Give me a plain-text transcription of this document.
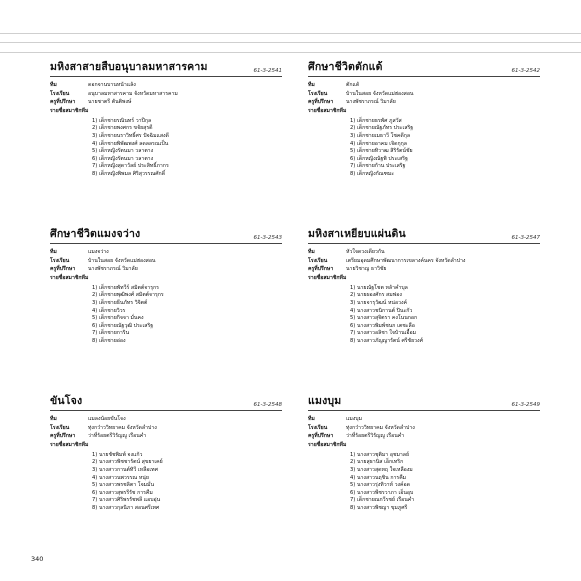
มหิงสาสายสืบอนุบาลมหาสารคาม	61-3-2541
ทีม	ดอกจานบานหน้าแล้ง
โรงเรียน	อนุบาลมหาสารคาม จังหวัดมหาสารคาม
ครูที่ปรึกษา	นายชาตรี ตันติพงษ์
รายชื่อสมาชิกทีม
1) เด็กชายรณินทร์ วาปีกุล
2) เด็กชายพงศกร ขจัยสุรดี
3) เด็กชายนราวิทธิ์ศร ปัจฉิมแสงดี
4) เด็กชายพิพัฒพงศ์ ลดลลรณเป็น
5) เด็กหญิงรัตนมา วลาตาง
6) เด็กหญิงรัตนมา วลาตาง
7) เด็กหญิงสุดาวัลย์ ประสิทธิ์ภากร
8) เด็กหญิงพิพมล ศิริสุวรรณศักดิ์
ศึกษาชีวิตตักแด้	61-3-2542
ทีม	ตักแด้
โรงเรียน	บ้านในสอย จังหวัดแม่ฮ่องสอน
ครูที่ปรึกษา	นางพัชราภรณ์ วิมาลัย
รายชื่อสมาชิกทีม
1) เด็กชายธรพัศ ภูสวัส
2) เด็กชายณัฐภัทร ประเสริฐ
3) เด็กชายเมธาวี โชคดีกุล
4) เด็กชายอาคม เจิดกุกุล
5) เด็กชายทิวาฒ สิริรัตน์ชัย
6) เด็กหญิงณัฐพิ ประเสริฐ
7) เด็กชายก้าน ประเสริฐ
8) เด็กหญิงกัณฑมะ
ศึกษาชีวิตแมงจว่าง	61-3-2543
ทีม	แมงจว่าง
โรงเรียน	บ้านในสอย จังหวัดแม่ฮ่องสอน
ครูที่ปรึกษา	นางพัชราภรณ์ วิมาลัย
รายชื่อสมาชิกทีม
1) เด็กชายพัทวีร์ สมิตต์จารุกร
2) เด็กชายพุฒิพงศ์ สมิตต์จารุกร
3) เด็กชายธีนภัทร วิจิตต์
4) เด็กชายวิวร
5) เด็กชายกิจจา มั่นคง
6) เด็กชายณัฐวุฒิ ประเสริฐ
7) เด็กชายการิน
8) เด็กชายอ่อง
มหิงสาเหยียบแผ่นดิน	61-3-2547
ทีม	หัวใจดวงเดียวกัน
โรงเรียน	เตรียมอุดมศึกษาพัฒนาการเขลางค์นคร จังหวัดลำปาง
ครูที่ปรึกษา	นายวิชาญ ธาวิชัย
รายชื่อสมาชิกทีม
1) นายณัฐโชต หล้าคำบุล
2) นายผองศักร สมฟอง
3) นายจารุวัฒน์ หน่อวงค์
4) นางสาวชนิกานต์ ปินะกัว
5) นางสาวสุจิตรา คงโนนกอก
6) นางสาวพิมพ์ชนก เตชะลือ
7) นางสาวอลิชา ใจบ้านเอื้อม
8) นางสาวภัญญารัตน์ ศรีชัยวงศ์
ขันโจง	61-3-2548
ทีม	แมลงน้อยขันโจง
โรงเรียน	ทุ่งกว๋าววิทยาคม จังหวัดลำปาง
ครูที่ปรึกษา	ว่าที่ร้อยตรีวิรัญญู เรือนคำ
รายชื่อสมาชิกทีม
1) นายชัชพิมพ์ จงแก้ว
2) นางสาวพิชชารัตน์ สุขยาเคย์
3) นางสาวกานต์ทิวี เหลือเทศ
4) นางสาวนพวรรณ หนุ่ย
5) นางสาวพรชลิตา โจมมั่น
6) นางสาวสุพรรีรัช การคืม
7) นางสาวศิริพรรัชพลี แอบอุ่น
8) นางสาวกุลนิภา สอนศรีเทศ
แมงบุม	61-3-2549
ทีม	แมงบุม
โรงเรียน	ทุ่งกว๋าววิทยาคม จังหวัดลำปาง
ครูที่ปรึกษา	ว่าที่ร้อยตรีวิรัญญู เรือนคำ
รายชื่อสมาชิกทีม
1) นางสาวชุติมา อุชมาลย์
2) นายสุธานิส เอ็กเทริก
3) นางสาวสุดหฤ ใจเหลืองม
4) นางสาวนฤชิน การคืม
5) นางสาวรุ่งทิวาห์ วงค์อด
6) นางสาวพีชรวาภา เอ็นอุบ
7) เด็กชายณกวีรชย์ เรือนคำ
8) นางสาวพิชญา ขุมภูศรี
340
